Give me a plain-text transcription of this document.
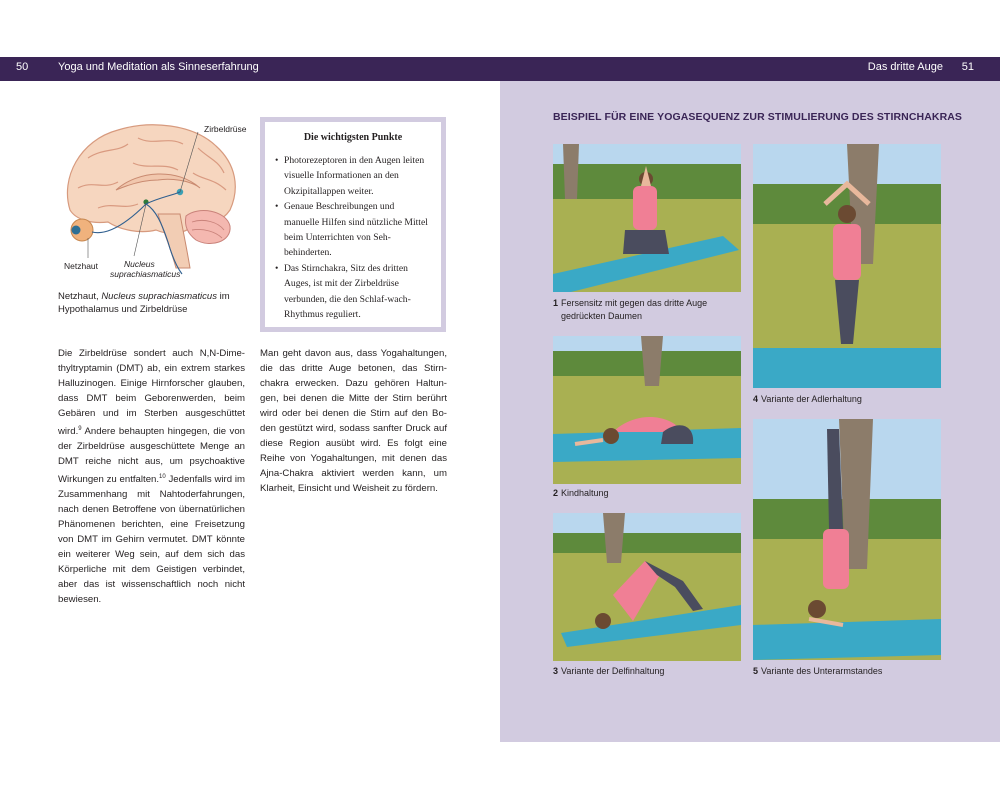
50	Yoga und Meditation als Sinneserfahrung	Das dritte Auge 51
Zirbeldrüse
Netzhaut	Nucleus
suprachiasmaticus
Netzhaut, Nucleus suprachiasmaticus im Hypothalamus und Zirbeldrüse
Die wichtigsten Punkte
• Photorezeptoren in den Augen leiten visuelle Informationen an den Okzipitallappen weiter.
• Genaue Beschreibungen und manuelle Hilfen sind nützliche Mittel beim Unterrichten von Sehbehinderten.
• Das Stirnchakra, Sitz des dritten Auges, ist mit der Zirbeldrüse verbunden, die den Schlaf-wach-Rhythmus reguliert.
Die Zirbeldrüse sondert auch N,N-Dimethyltryptamin (DMT) ab, ein extrem starkes Halluzinogen. Einige Hirnforscher glauben, dass DMT beim Geborenwerden, beim Gebären und im Sterben ausgeschüttet wird.$^9$ Andere behaupten hingegen, die von der Zirbeldrüse ausgeschüttete Menge an DMT reiche nicht aus, um psychoaktive Wirkungen zu entfalten.$^{10}$ Jedenfalls wird im Zusammenhang mit Nahtoderfahrungen, nach denen Betroffene von übernatürlichen Phänomenen berichten, eine Freisetzung von DMT im Gehirn vermutet. DMT könnte ein weiterer Weg sein, auf dem sich das Körperliche mit dem Geistigen verbindet, aber das ist wissenschaftlich noch nicht bewiesen.
Man geht davon aus, dass Yogahaltungen, die das dritte Auge betonen, das Stirnchakra erwecken. Dazu gehören Haltungen, bei denen die Mitte der Stirn berührt wird oder bei denen die Stirn auf den Boden gestützt wird, sodass sanfter Druck auf diese Region ausübt wird. Es folgt eine Reihe von Yogahaltungen, mit denen das Ajna-Chakra aktiviert werden kann, um Klarheit, Einsicht und Weisheit zu fördern.
BEISPIEL FÜR EINE YOGASEQUENZ ZUR STIMULIERUNG DES STIRNCHAKRAS
1 Fersensitz mit gegen das dritte Auge
gedrückten Daumen
2 Kindhaltung
3 Variante der Delfinhaltung
4 Variante der Adlerhaltung
5 Variante des Unterarmstandes
